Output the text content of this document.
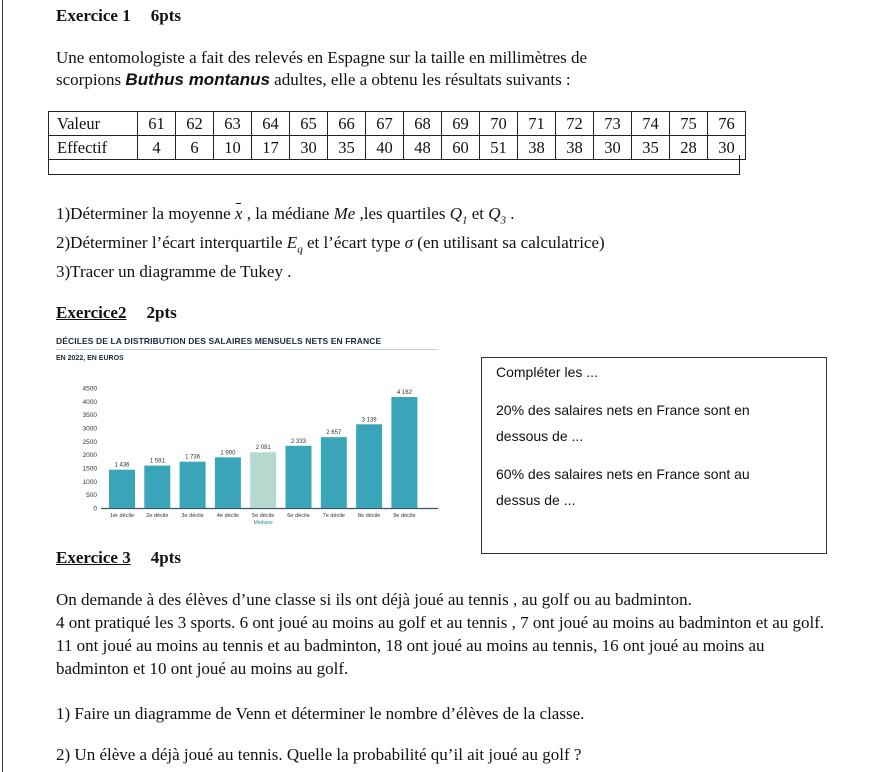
Exercice 1 6pts
Une entomologiste a fait des relevés en Espagne sur la taille en millimètres de
scorpions Buthus montanus adultes, elle a obtenu les résultats suivants :
Valeur	61	62	63	64	65	66	67	68	69	70	71	72	73	74	75	76
Effectif	4	6	10	17	30	35	40	48	60	51	38	38	30	35	28	30
1)Déterminer la moyenne x , la médiane Me ,les quartiles $Q_1$ et $Q_3$ .
2)Déterminer l’écart interquartile $E_q$ et l’écart type σ (en utilisant sa calculatrice)
3)Tracer un diagramme de Tukey .
Exercice2 2pts
DÉCILES DE LA DISTRIBUTION DES SALAIRES MENSUELS NETS EN FRANCE
EN 2022, EN EUROS
0
500
1000
1500
2000
2500
3000
3500
4000
4500
1 436
1er décile
1 591
2e décile
1 736
3e décile
1 900
4e décile
2 091
5e décile
Médiane
2 333
6e décile
2 657
7e décile
3 139
8e décile
4 162
9e décile
Compléter les ...
20% des salaires nets en France sont en
dessous de ...
60% des salaires nets en France sont au
dessus de ...
Exercice 3 4pts
On demande à des élèves d’une classe si ils ont déjà joué au tennis , au golf ou au badminton.
4 ont pratiqué les 3 sports. 6 ont joué au moins au golf et au tennis , 7 ont joué au moins au badminton et au golf.
11 ont joué au moins au tennis et au badminton, 18 ont joué au moins au tennis, 16 ont joué au moins au
badminton et 10 ont joué au moins au golf.
1) Faire un diagramme de Venn et déterminer le nombre d’élèves de la classe.
2) Un élève a déjà joué au tennis. Quelle la probabilité qu’il ait joué au golf ?
